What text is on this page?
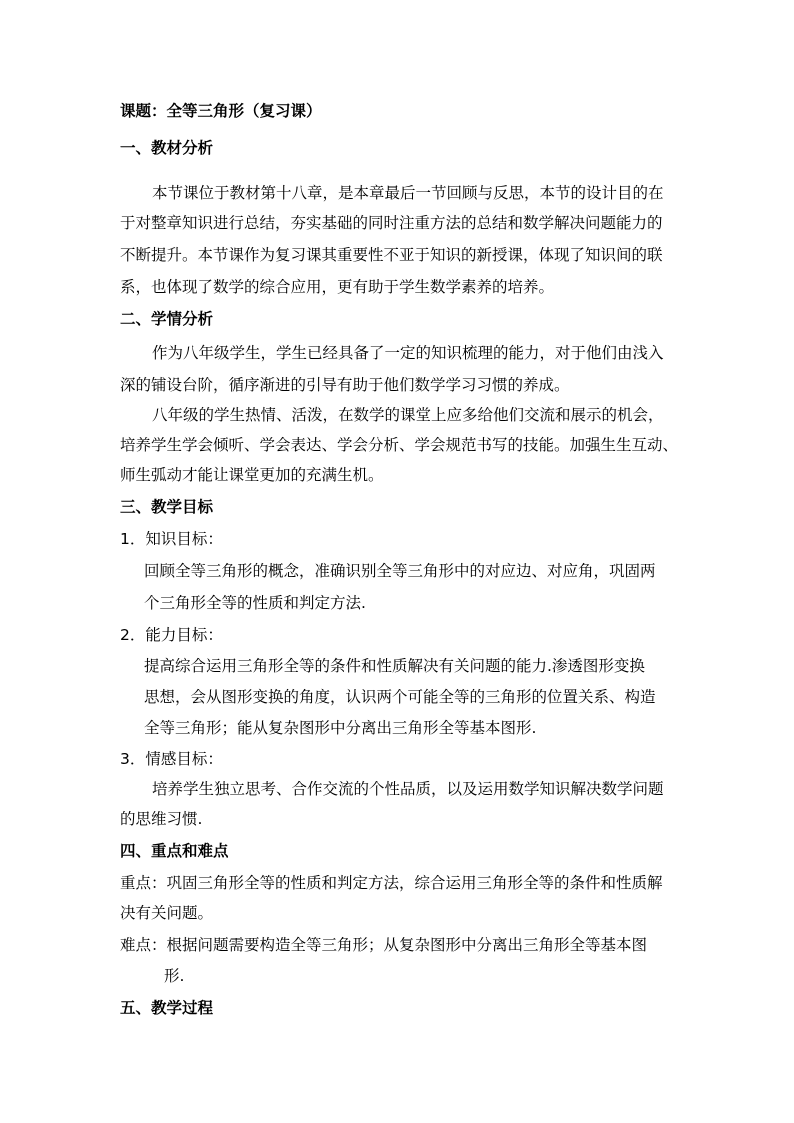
课题：全等三角形（复习课）
一、教材分析
本节课位于教材第十八章，是本章最后一节回顾与反思，本节的设计目的在
于对整章知识进行总结，夯实基础的同时注重方法的总结和数学解决问题能力的
不断提升。本节课作为复习课其重要性不亚于知识的新授课，体现了知识间的联
系，也体现了数学的综合应用，更有助于学生数学素养的培养。
二、学情分析
作为八年级学生，学生已经具备了一定的知识梳理的能力，对于他们由浅入
深的铺设台阶，循序渐进的引导有助于他们数学学习习惯的养成。
八年级的学生热情、活泼，在数学的课堂上应多给他们交流和展示的机会，
培养学生学会倾听、学会表达、学会分析、学会规范书写的技能。加强生生互动、
师生弧动才能让课堂更加的充满生机。
三、教学目标
1．知识目标：
回顾全等三角形的概念，准确识别全等三角形中的对应边、对应角，巩固两
个三角形全等的性质和判定方法.
2．能力目标：
提高综合运用三角形全等的条件和性质解决有关问题的能力.渗透图形变换
思想，会从图形变换的角度，认识两个可能全等的三角形的位置关系、构造
全等三角形；能从复杂图形中分离出三角形全等基本图形.
3．情感目标：
培养学生独立思考、合作交流的个性品质，以及运用数学知识解决数学问题
的思维习惯.
四、重点和难点
重点：巩固三角形全等的性质和判定方法，综合运用三角形全等的条件和性质解
决有关问题。
难点：根据问题需要构造全等三角形；从复杂图形中分离出三角形全等基本图
形.
五、教学过程
